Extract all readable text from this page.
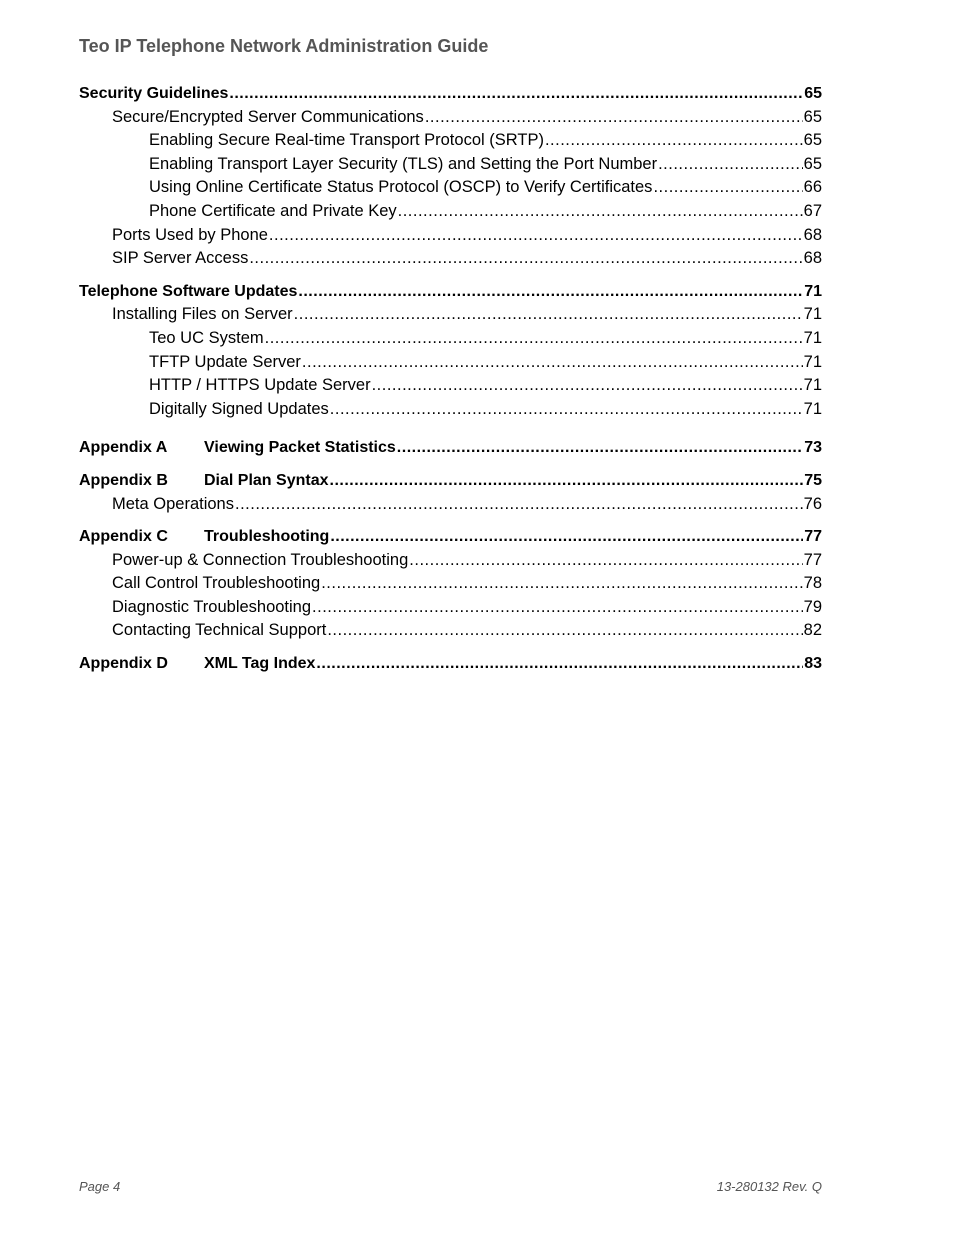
Teo IP Telephone Network Administration Guide
Security Guidelines .....	65
Secure/Encrypted Server Communications .....	65
Enabling Secure Real-time Transport Protocol (SRTP) .....	65
Enabling Transport Layer Security (TLS) and Setting the Port Number .....	65
Using Online Certificate Status Protocol (OSCP) to Verify Certificates .....	66
Phone Certificate and Private Key .....	67
Ports Used by Phone .....	68
SIP Server Access .....	68
Telephone Software Updates .....	71
Installing Files on Server .....	71
Teo UC System .....	71
TFTP Update Server .....	71
HTTP / HTTPS Update Server .....	71
Digitally Signed Updates .....	71
Appendix A	Viewing Packet Statistics .....	73
Appendix B	Dial Plan Syntax .....	75
Meta Operations .....	76
Appendix C	Troubleshooting .....	77
Power-up & Connection Troubleshooting .....	77
Call Control Troubleshooting .....	78
Diagnostic Troubleshooting .....	79
Contacting Technical Support .....	82
Appendix D	XML Tag Index .....	83
Page 4	13-280132 Rev. Q
